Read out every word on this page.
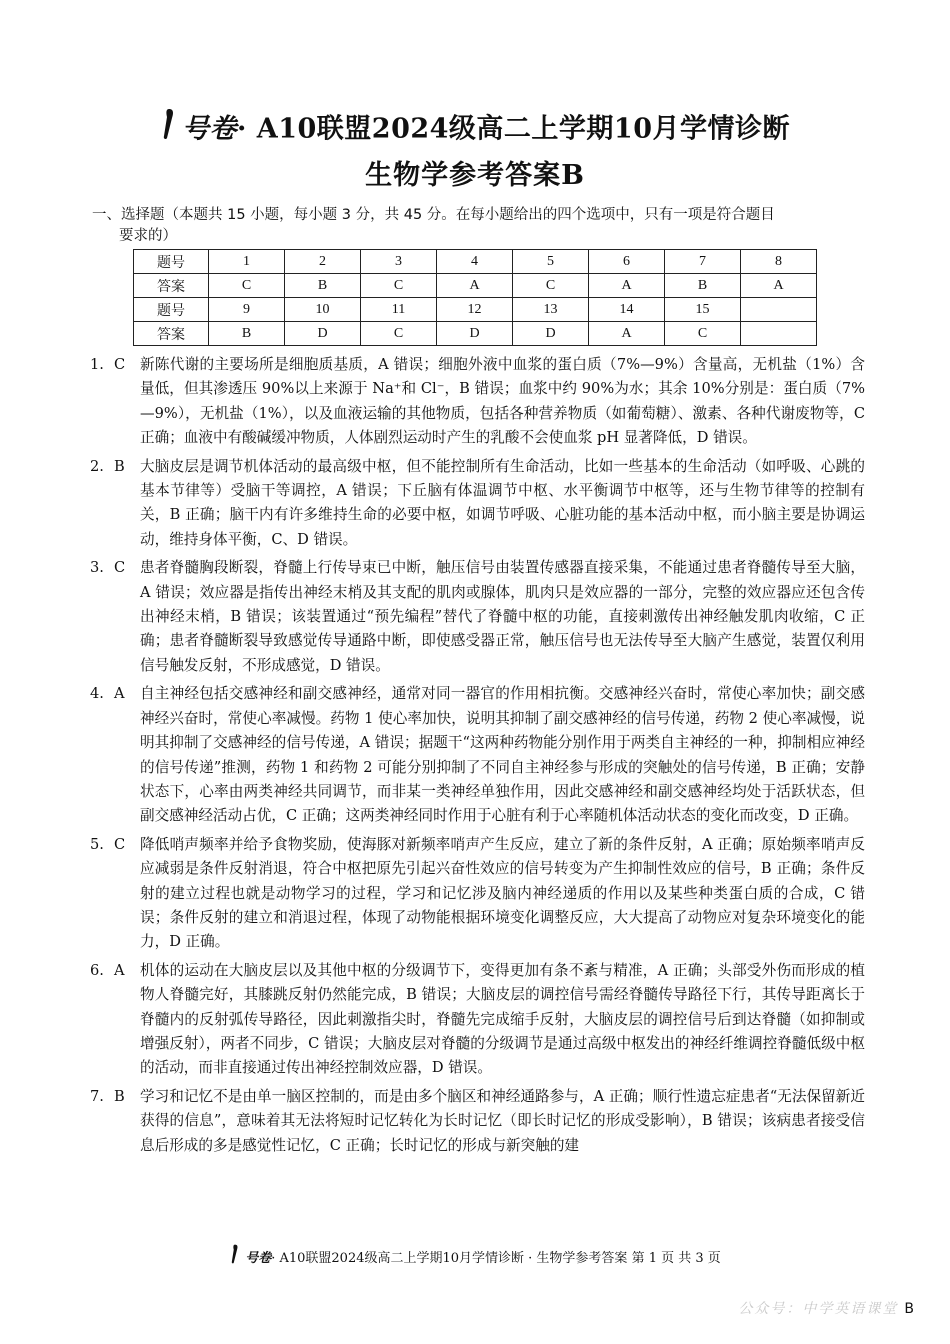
号卷· A10联盟2024级高二上学期10月学情诊断
生物学参考答案B
一、选择题（本题共 15 小题，每小题 3 分，共 45 分。在每小题给出的四个选项中，只有一项是符合题目
要求的）
题号	1	2	3	4	5	6	7	8
答案	C	B	C	A	C	A	B	A
题号	9	10	11	12	13	14	15	
答案	B	D	C	D	D	A	C	
1. C	新陈代谢的主要场所是细胞质基质，A 错误；细胞外液中血浆的蛋白质（7%—9%）含量高，无机盐（1%）含量低，但其渗透压 90%以上来源于 Na⁺和 Cl⁻，B 错误；血浆中约 90%为水；其余 10%分别是：蛋白质（7%—9%），无机盐（1%），以及血液运输的其他物质，包括各种营养物质（如葡萄糖）、激素、各种代谢废物等，C 正确；血液中有酸碱缓冲物质，人体剧烈运动时产生的乳酸不会使血浆 pH 显著降低，D 错误。
2. B	大脑皮层是调节机体活动的最高级中枢，但不能控制所有生命活动，比如一些基本的生命活动（如呼吸、心跳的基本节律等）受脑干等调控，A 错误；下丘脑有体温调节中枢、水平衡调节中枢等，还与生物节律等的控制有关，B 正确；脑干内有许多维持生命的必要中枢，如调节呼吸、心脏功能的基本活动中枢，而小脑主要是协调运动，维持身体平衡，C、D 错误。
3. C	患者脊髓胸段断裂，脊髓上行传导束已中断，触压信号由装置传感器直接采集，不能通过患者脊髓传导至大脑，A 错误；效应器是指传出神经末梢及其支配的肌肉或腺体，肌肉只是效应器的一部分，完整的效应器应还包含传出神经末梢，B 错误；该装置通过“预先编程”替代了脊髓中枢的功能，直接刺激传出神经触发肌肉收缩，C 正确；患者脊髓断裂导致感觉传导通路中断，即使感受器正常，触压信号也无法传导至大脑产生感觉，装置仅利用信号触发反射，不形成感觉，D 错误。
4. A	自主神经包括交感神经和副交感神经，通常对同一器官的作用相抗衡。交感神经兴奋时，常使心率加快；副交感神经兴奋时，常使心率减慢。药物 1 使心率加快，说明其抑制了副交感神经的信号传递，药物 2 使心率减慢，说明其抑制了交感神经的信号传递，A 错误；据题干“这两种药物能分别作用于两类自主神经的一种，抑制相应神经的信号传递”推测，药物 1 和药物 2 可能分别抑制了不同自主神经参与形成的突触处的信号传递，B 正确；安静状态下，心率由两类神经共同调节，而非某一类神经单独作用，因此交感神经和副交感神经均处于活跃状态，但副交感神经活动占优，C 正确；这两类神经同时作用于心脏有利于心率随机体活动状态的变化而改变，D 正确。
5. C	降低哨声频率并给予食物奖励，使海豚对新频率哨声产生反应，建立了新的条件反射，A 正确；原始频率哨声反应减弱是条件反射消退，符合中枢把原先引起兴奋性效应的信号转变为产生抑制性效应的信号，B 正确；条件反射的建立过程也就是动物学习的过程，学习和记忆涉及脑内神经递质的作用以及某些种类蛋白质的合成，C 错误；条件反射的建立和消退过程，体现了动物能根据环境变化调整反应，大大提高了动物应对复杂环境变化的能力，D 正确。
6. A	机体的运动在大脑皮层以及其他中枢的分级调节下，变得更加有条不紊与精准，A 正确；头部受外伤而形成的植物人脊髓完好，其膝跳反射仍然能完成，B 错误；大脑皮层的调控信号需经脊髓传导路径下行，其传导距离长于脊髓内的反射弧传导路径，因此刺激指尖时，脊髓先完成缩手反射，大脑皮层的调控信号后到达脊髓（如抑制或增强反射），两者不同步，C 错误；大脑皮层对脊髓的分级调节是通过高级中枢发出的神经纤维调控脊髓低级中枢的活动，而非直接通过传出神经控制效应器，D 错误。
7. B	学习和记忆不是由单一脑区控制的，而是由多个脑区和神经通路参与，A 正确；顺行性遗忘症患者“无法保留新近获得的信息”，意味着其无法将短时记忆转化为长时记忆（即长时记忆的形成受影响），B 错误；该病患者接受信息后形成的多是感觉性记忆，C 正确；长时记忆的形成与新突触的建
号卷· A10联盟2024级高二上学期10月学情诊断 · 生物学参考答案 第 1 页 共 3 页
公众号：中学英语课堂 B
